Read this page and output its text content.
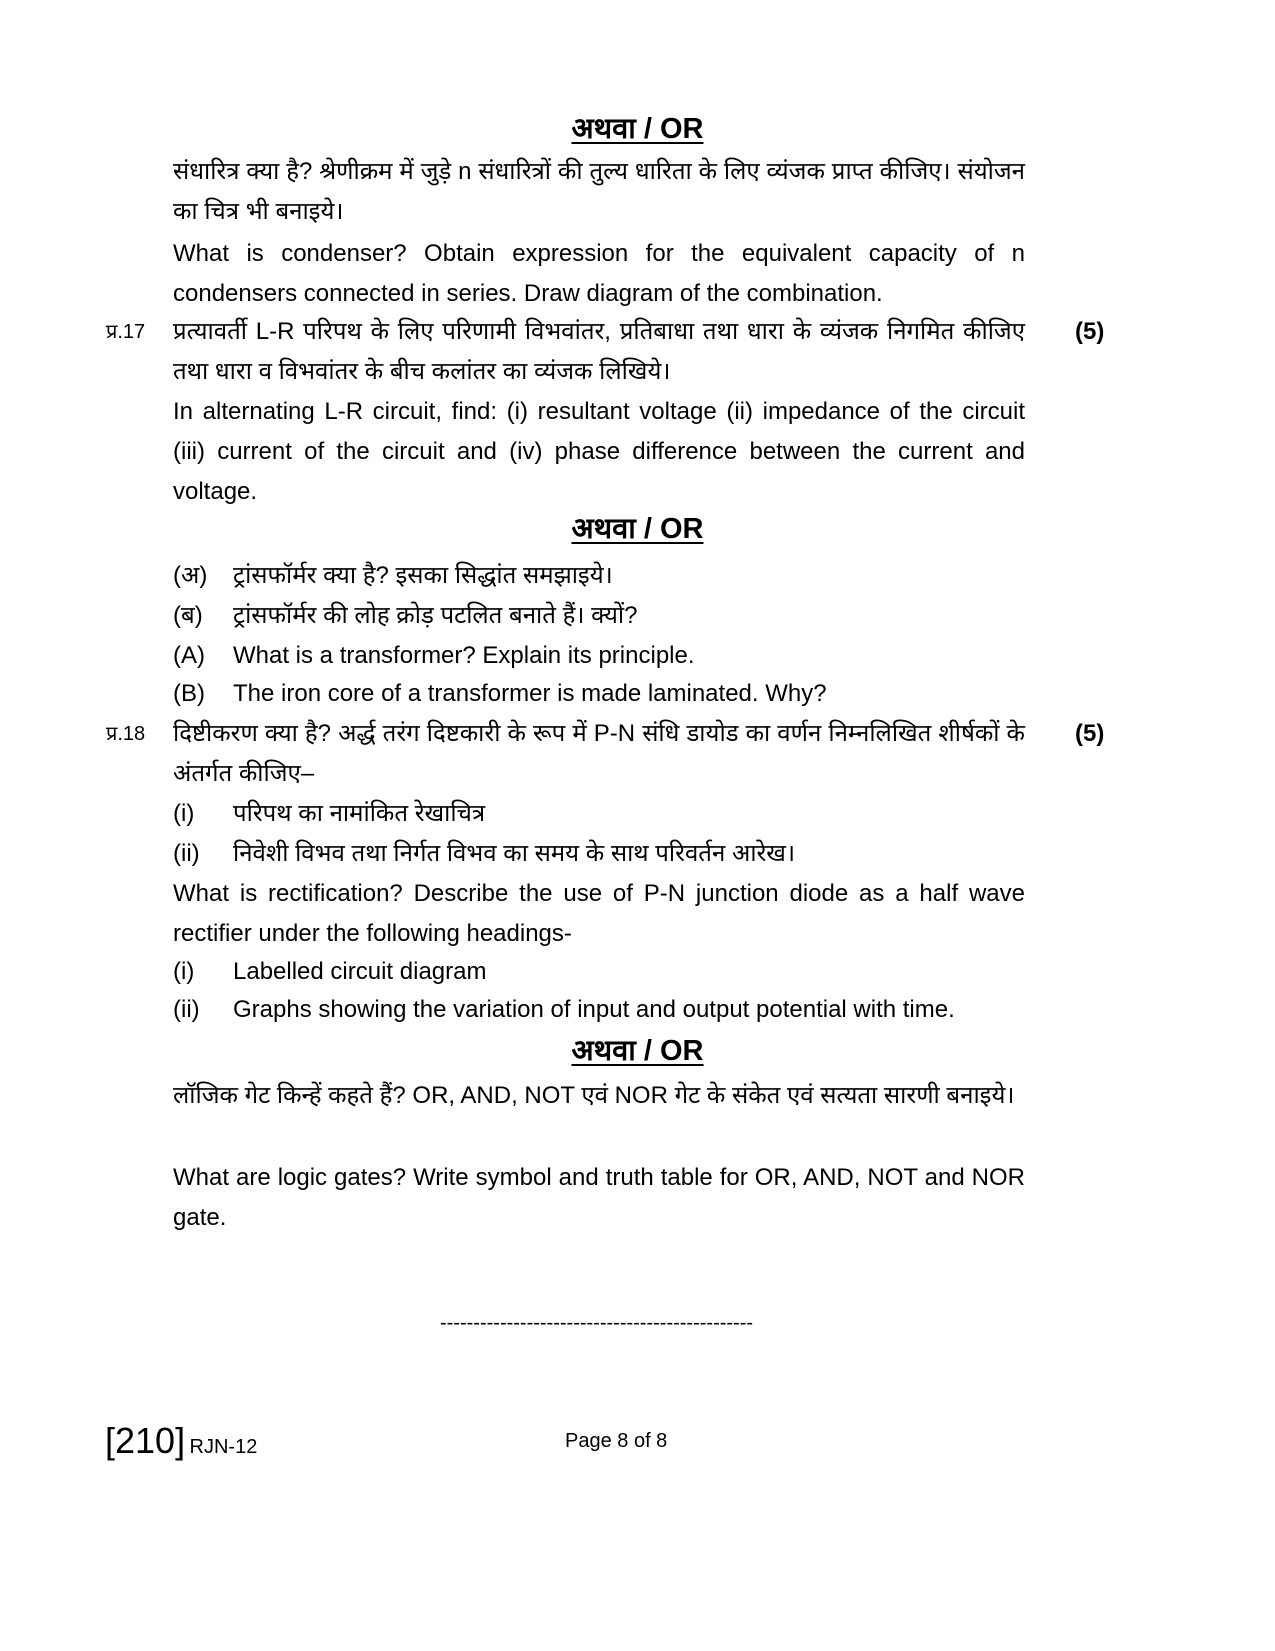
अथवा / OR
संधारित्र क्या है? श्रेणीक्रम में जुड़े n संधारित्रों की तुल्य धारिता के लिए व्यंजक प्राप्त कीजिए। संयोजन का चित्र भी बनाइये।
What is condenser? Obtain expression for the equivalent capacity of n condensers connected in series. Draw diagram of the combination.
प्र.17	(5)
प्रत्यावर्ती L-R परिपथ के लिए परिणामी विभवांतर, प्रतिबाधा तथा धारा के व्यंजक निगमित कीजिए तथा धारा व विभवांतर के बीच कलांतर का व्यंजक लिखिये।
In alternating L-R circuit, find: (i) resultant voltage (ii) impedance of the circuit (iii) current of the circuit and (iv) phase difference between the current and voltage.
अथवा / OR
(अ) ट्रांसफॉर्मर क्या है? इसका सिद्धांत समझाइये।
(ब) ट्रांसफॉर्मर की लोह क्रोड़ पटलित बनाते हैं। क्यों?
(A) What is a transformer? Explain its principle.
(B) The iron core of a transformer is made laminated. Why?
प्र.18	(5)
दिष्टीकरण क्या है? अर्द्ध तरंग दिष्टकारी के रूप में P-N संधि डायोड का वर्णन निम्नलिखित शीर्षकों के अंतर्गत कीजिए–
(i) परिपथ का नामांकित रेखाचित्र
(ii) निवेशी विभव तथा निर्गत विभव का समय के साथ परिवर्तन आरेख।
What is rectification? Describe the use of P-N junction diode as a half wave rectifier under the following headings-
(i) Labelled circuit diagram
(ii) Graphs showing the variation of input and output potential with time.
अथवा / OR
लॉजिक गेट किन्हें कहते हैं? OR, AND, NOT एवं NOR गेट के संकेत एवं सत्यता सारणी बनाइये।
What are logic gates? Write symbol and truth table for OR, AND, NOT and NOR gate.
-----------------------------------------------
[210] RJN-12	Page 8 of 8
